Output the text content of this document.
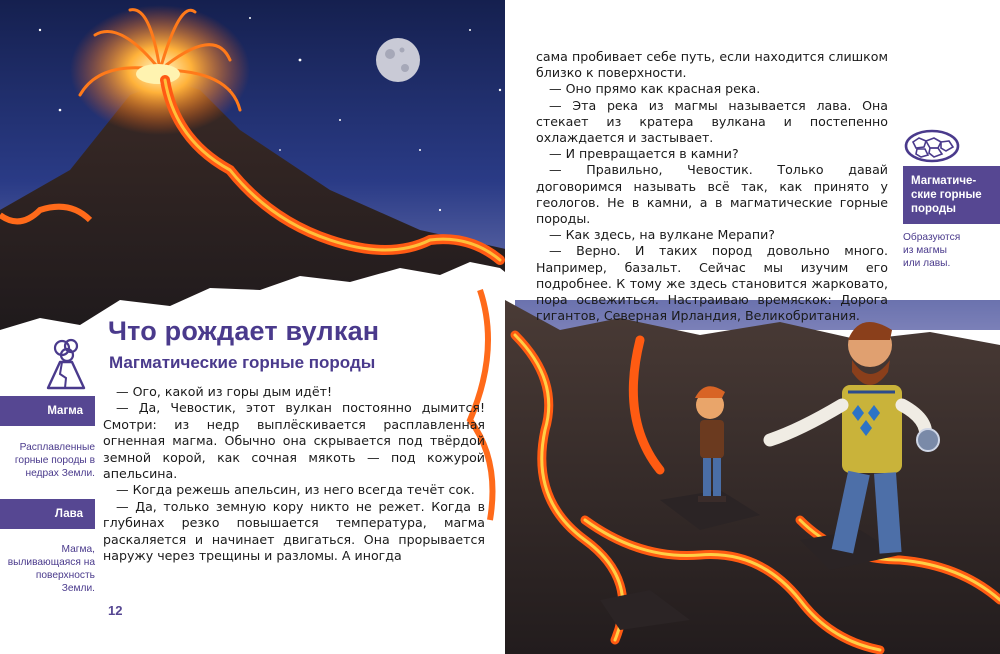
Что рождает вулкан
Магматические горные породы
Магма
Расплавленные горные породы в недрах Земли.
Лава
Магма, выливающаяся на поверхность Земли.

— Ого, какой из горы дым идёт!

— Да, Чевостик, этот вулкан постоянно дымится! Смотри: из недр выплёскивается расплавленная огненная магма. Обычно она скрывается под твёрдой земной корой, как сочная мякоть — под кожурой апельсина.

— Когда режешь апельсин, из него всегда течёт сок.

— Да, только земную кору никто не режет. Когда в глубинах резко повышается температура, магма раскаляется и начинает двигаться. Она прорывается наружу через трещины и разломы. А иногда

12

сама пробивает себе путь, если находится слишком близко к поверхности.

— Оно прямо как красная река.

— Эта река из магмы называется лава. Она стекает из кратера вулкана и постепенно охлаждается и застывает.

— И превращается в камни?

— Правильно, Чевостик. Только давай договоримся называть всё так, как принято у геологов. Не в камни, а в магматические горные породы.

— Как здесь, на вулкане Мерапи?

— Верно. И таких пород довольно много. Например, базальт. Сейчас мы изучим его подробнее. К тому же здесь становится жарковато, пора освежиться. Настраиваю времяскок: Дорога гигантов, Северная Ирландия, Великобритания.

Магматиче-
ские горные породы
Образуются из магмы или лавы.
